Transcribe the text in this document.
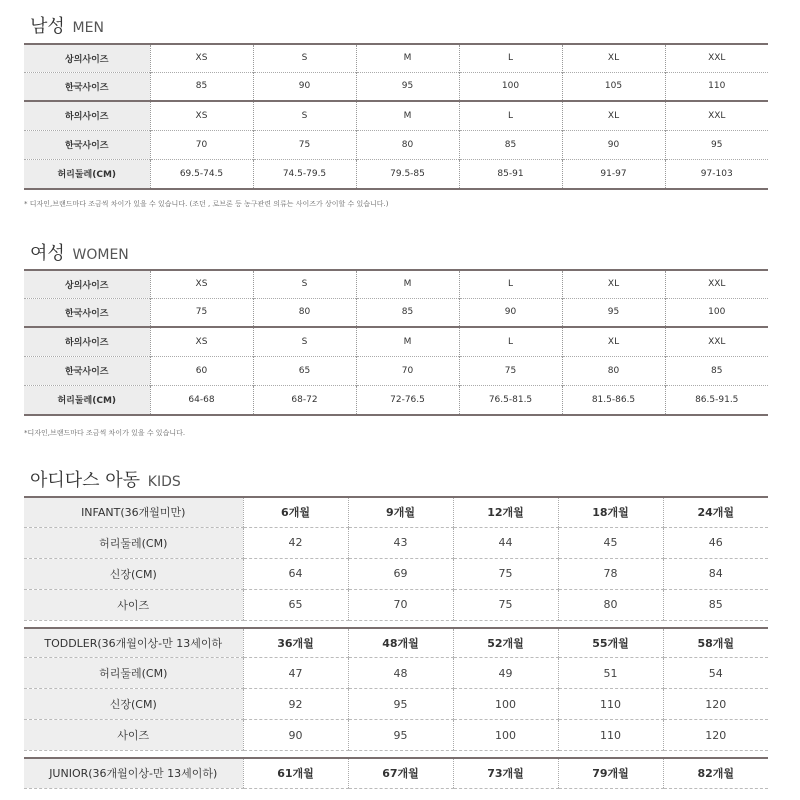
남성 MEN
상의사이즈	XS	S	M	L	XL	XXL
한국사이즈	85	90	95	100	105	110
하의사이즈	XS	S	M	L	XL	XXL
한국사이즈	70	75	80	85	90	95
허리둘레(CM)	69.5-74.5	74.5-79.5	79.5-85	85-91	91-97	97-103
* 디자인,브랜드마다 조금씩 차이가 있을 수 있습니다. (조던 , 로브론 등 농구관련 의류는 사이즈가 상이할 수 있습니다.)
여성 WOMEN
상의사이즈	XS	S	M	L	XL	XXL
한국사이즈	75	80	85	90	95	100
하의사이즈	XS	S	M	L	XL	XXL
한국사이즈	60	65	70	75	80	85
허리둘레(CM)	64-68	68-72	72-76.5	76.5-81.5	81.5-86.5	86.5-91.5
*디자인,브랜드마다 조금씩 차이가 있을 수 있습니다.
아디다스 아동 KIDS
INFANT(36개월미만)	6개월	9개월	12개월	18개월	24개월
허리둘레(CM)	42	43	44	45	46
신장(CM)	64	69	75	78	84
사이즈	65	70	75	80	85

TODDLER(36개월이상-만 13세이하	36개월	48개월	52개월	55개월	58개월
허리둘레(CM)	47	48	49	51	54
신장(CM)	92	95	100	110	120
사이즈	90	95	100	110	120

JUNIOR(36개월이상-만 13세이하)	61개월	67개월	73개월	79개월	82개월
